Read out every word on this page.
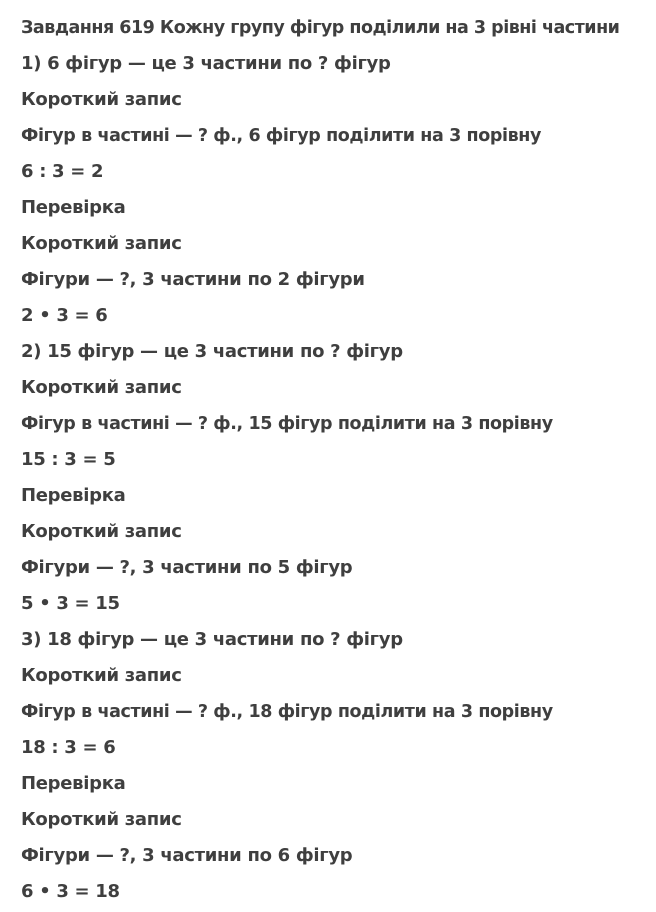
Завдання 619 Кожну групу фігур поділили на 3 рівні частини
1) 6 фігур — це 3 частини по ? фігур
Короткий запис
Фігур в частині — ? ф., 6 фігур поділити на 3 порівну
6 : 3 = 2
Перевірка
Короткий запис
Фігури — ?, 3 частини по 2 фігури
2 • 3 = 6
2) 15 фігур — це 3 частини по ? фігур
Короткий запис
Фігур в частині — ? ф., 15 фігур поділити на 3 порівну
15 : 3 = 5
Перевірка
Короткий запис
Фігури — ?, 3 частини по 5 фігур
5 • 3 = 15
3) 18 фігур — це 3 частини по ? фігур
Короткий запис
Фігур в частині — ? ф., 18 фігур поділити на 3 порівну
18 : 3 = 6
Перевірка
Короткий запис
Фігури — ?, 3 частини по 6 фігур
6 • 3 = 18
